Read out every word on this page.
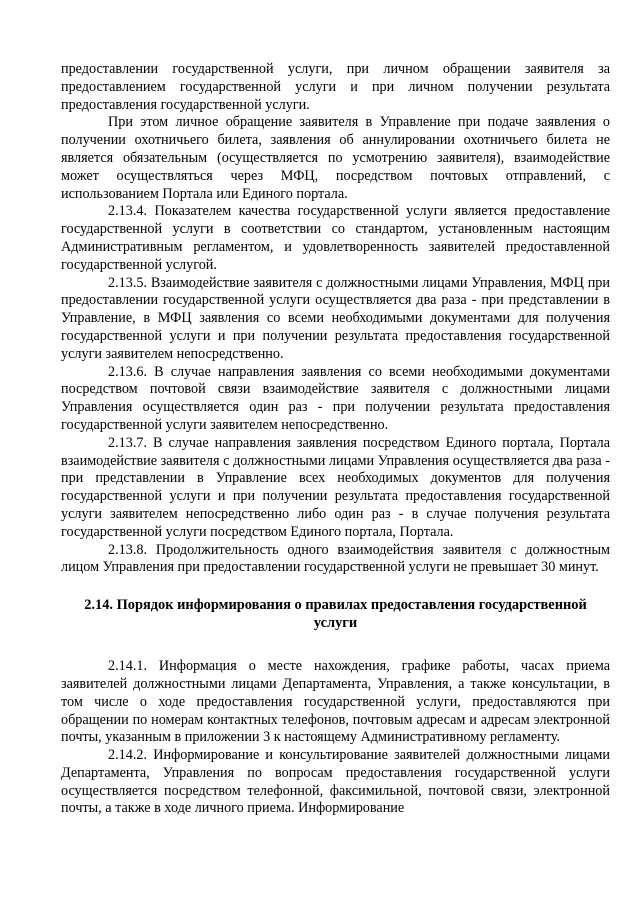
предоставлении государственной услуги, при личном обращении заявителя за предоставлением государственной услуги и при личном получении результата предоставления государственной услуги.

При этом личное обращение заявителя в Управление при подаче заявления о получении охотничьего билета, заявления об аннулировании охотничьего билета не является обязательным (осуществляется по усмотрению заявителя), взаимодействие может осуществляться через МФЦ, посредством почтовых отправлений, с использованием Портала или Единого портала.

2.13.4. Показателем качества государственной услуги является предоставление государственной услуги в соответствии со стандартом, установленным настоящим Административным регламентом, и удовлетворенность заявителей предоставленной государственной услугой.

2.13.5. Взаимодействие заявителя с должностными лицами Управления, МФЦ при предоставлении государственной услуги осуществляется два раза - при представлении в Управление, в МФЦ заявления со всеми необходимыми документами для получения государственной услуги и при получении результата предоставления государственной услуги заявителем непосредственно.

2.13.6. В случае направления заявления со всеми необходимыми документами посредством почтовой связи взаимодействие заявителя с должностными лицами Управления осуществляется один раз - при получении результата предоставления государственной услуги заявителем непосредственно.

2.13.7. В случае направления заявления посредством Единого портала, Портала взаимодействие заявителя с должностными лицами Управления осуществляется два раза - при представлении в Управление всех необходимых документов для получения государственной услуги и при получении результата предоставления государственной услуги заявителем непосредственно либо один раз - в случае получения результата государственной услуги посредством Единого портала, Портала.

2.13.8. Продолжительность одного взаимодействия заявителя с должностным лицом Управления при предоставлении государственной услуги не превышает 30 минут.

2.14. Порядок информирования о правилах предоставления государственной услуги

2.14.1. Информация о месте нахождения, графике работы, часах приема заявителей должностными лицами Департамента, Управления, а также консультации, в том числе о ходе предоставления государственной услуги, предоставляются при обращении по номерам контактных телефонов, почтовым адресам и адресам электронной почты, указанным в приложении 3 к настоящему Административному регламенту.

2.14.2. Информирование и консультирование заявителей должностными лицами Департамента, Управления по вопросам предоставления государственной услуги осуществляется посредством телефонной, факсимильной, почтовой связи, электронной почты, а также в ходе личного приема. Информирование
